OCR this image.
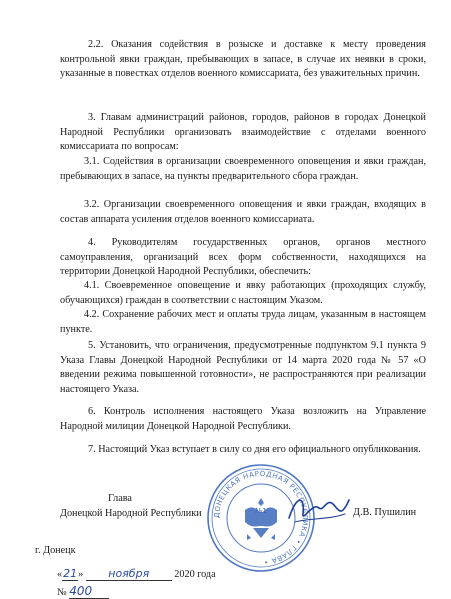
2.2. Оказания содействия в розыске и доставке к месту проведения контрольной явки граждан, пребывающих в запасе, в случае их неявки в сроки, указанные в повестках отделов военного комиссариата, без уважительных причин.

3. Главам администраций районов, городов, районов в городах Донецкой Народной Республики организовать взаимодействие с отделами военного комиссариата по вопросам:

3.1. Содействия в организации своевременного оповещения и явки граждан, пребывающих в запасе, на пункты предварительного сбора граждан.

3.2. Организации своевременного оповещения и явки граждан, входящих в состав аппарата усиления отделов военного комиссариата.

4. Руководителям государственных органов, органов местного самоуправления, организаций всех форм собственности, находящихся на территории Донецкой Народной Республики, обеспечить:

4.1. Своевременное оповещение и явку работающих (проходящих службу, обучающихся) граждан в соответствии с настоящим Указом.

4.2. Сохранение рабочих мест и оплаты труда лицам, указанным в настоящем пункте.

5. Установить, что ограничения, предусмотренные подпунктом 9.1 пункта 9 Указа Главы Донецкой Народной Республики от 14 марта 2020 года № 57 «О введении режима повышенной готовности», не распространяются при реализации настоящего Указа.

6. Контроль исполнения настоящего Указа возложить на Управление Народной милиции Донецкой Народной Республики.

7. Настоящий Указ вступает в силу со дня его официального опубликования.

Глава
Донецкой Народной Республики	Д.В. Пушилин
ДОНЕЦКАЯ НАРОДНАЯ РЕСПУБЛИКА • ГЛАВА •
№1
г. Донецк
«21» ноября 2020 года
№ 400
